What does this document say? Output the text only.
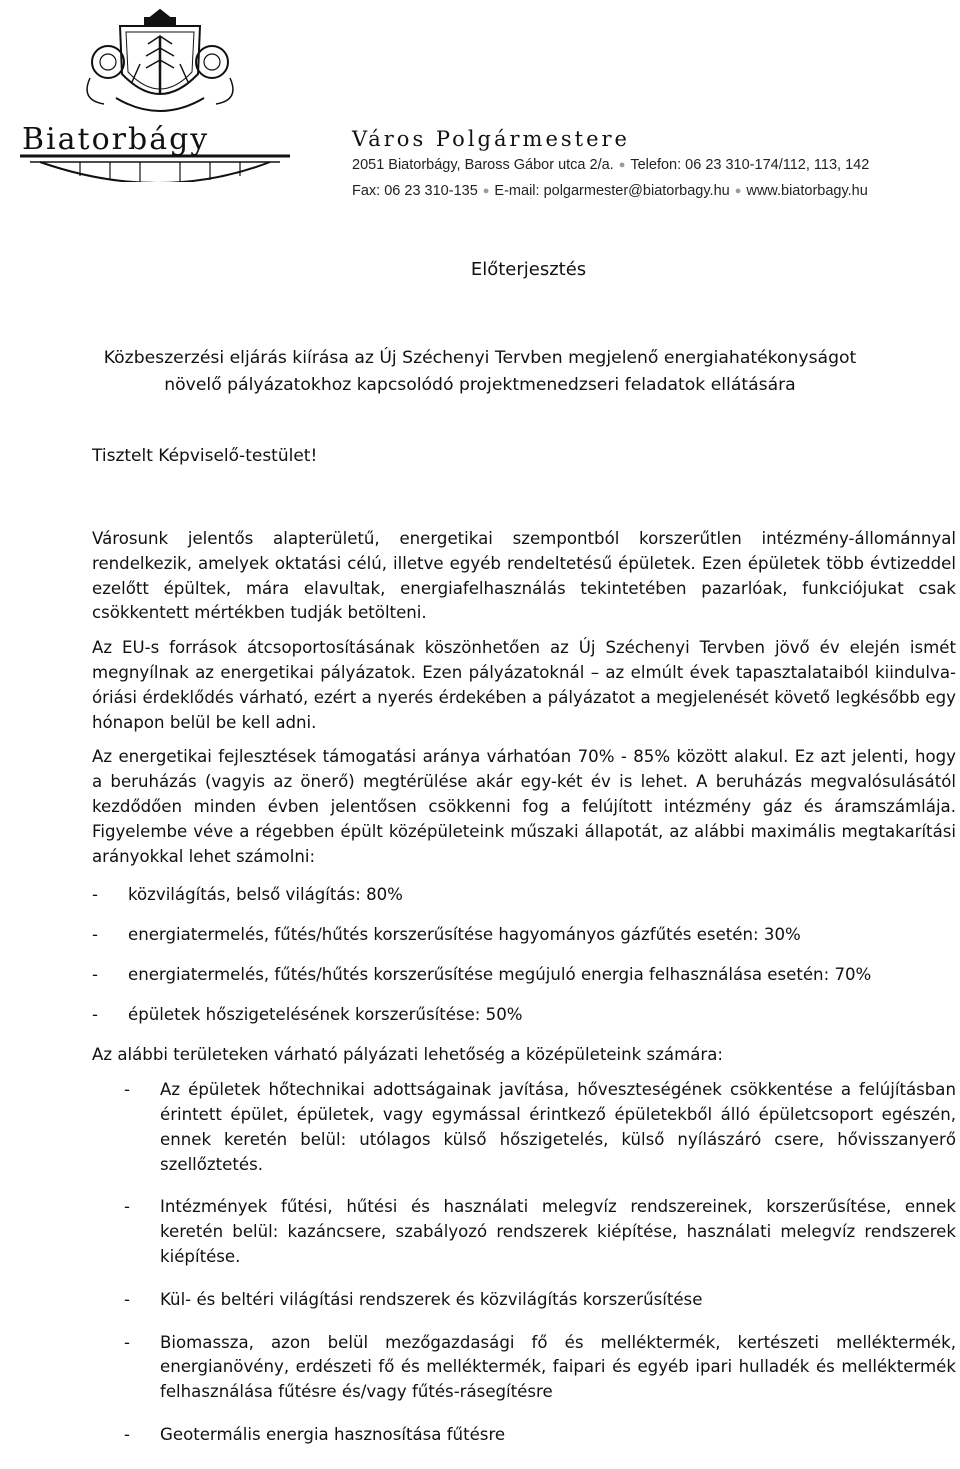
Biatorbágy	Város Polgármestere
2051 Biatorbágy, Baross Gábor utca 2/a. ● Telefon: 06 23 310-174/112, 113, 142
Fax: 06 23 310-135 ● E-mail: polgarmester@biatorbagy.hu ● www.biatorbagy.hu
Előterjesztés
Közbeszerzési eljárás kiírása az Új Széchenyi Tervben megjelenő energiahatékonyságot
növelő pályázatokhoz kapcsolódó projektmenedzseri feladatok ellátására
Tisztelt Képviselő-testület!

Városunk jelentős alapterületű, energetikai szempontból korszerűtlen intézmény-állománnyal rendelkezik, amelyek oktatási célú, illetve egyéb rendeltetésű épületek. Ezen épületek több évtizeddel ezelőtt épültek, mára elavultak, energiafelhasználás tekintetében pazarlóak, funkciójukat csak csökkentett mértékben tudják betölteni.

Az EU-s források átcsoportosításának köszönhetően az Új Széchenyi Tervben jövő év elején ismét megnyílnak az energetikai pályázatok. Ezen pályázatoknál – az elmúlt évek tapasztalataiból kiindulva- óriási érdeklődés várható, ezért a nyerés érdekében a pályázatot a megjelenését követő legkésőbb egy hónapon belül be kell adni.

Az energetikai fejlesztések támogatási aránya várhatóan 70% - 85% között alakul. Ez azt jelenti, hogy a beruházás (vagyis az önerő) megtérülése akár egy-két év is lehet. A beruházás megvalósulásától kezdődően minden évben jelentősen csökkenni fog a felújított intézmény gáz és áramszámlája. Figyelembe véve a régebben épült középületeink műszaki állapotát, az alábbi maximális megtakarítási arányokkal lehet számolni:

- közvilágítás, belső világítás: 80%
- energiatermelés, fűtés/hűtés korszerűsítése hagyományos gázfűtés esetén: 30%
- energiatermelés, fűtés/hűtés korszerűsítése megújuló energia felhasználása esetén: 70%
- épületek hőszigetelésének korszerűsítése: 50%

Az alábbi területeken várható pályázati lehetőség a középületeink számára:

- Az épületek hőtechnikai adottságainak javítása, hőveszteségének csökkentése a felújításban érintett épület, épületek, vagy egymással érintkező épületekből álló épületcsoport egészén, ennek keretén belül: utólagos külső hőszigetelés, külső nyílászáró csere, hővisszanyerő szellőztetés.
- Intézmények fűtési, hűtési és használati melegvíz rendszereinek, korszerűsítése, ennek keretén belül: kazáncsere, szabályozó rendszerek kiépítése, használati melegvíz rendszerek kiépítése.
- Kül- és beltéri világítási rendszerek és közvilágítás korszerűsítése
- Biomassza, azon belül mezőgazdasági fő és melléktermék, kertészeti melléktermék, energianövény, erdészeti fő és melléktermék, faipari és egyéb ipari hulladék és melléktermék felhasználása fűtésre és/vagy fűtés-rásegítésre
- Geotermális energia hasznosítása fűtésre
